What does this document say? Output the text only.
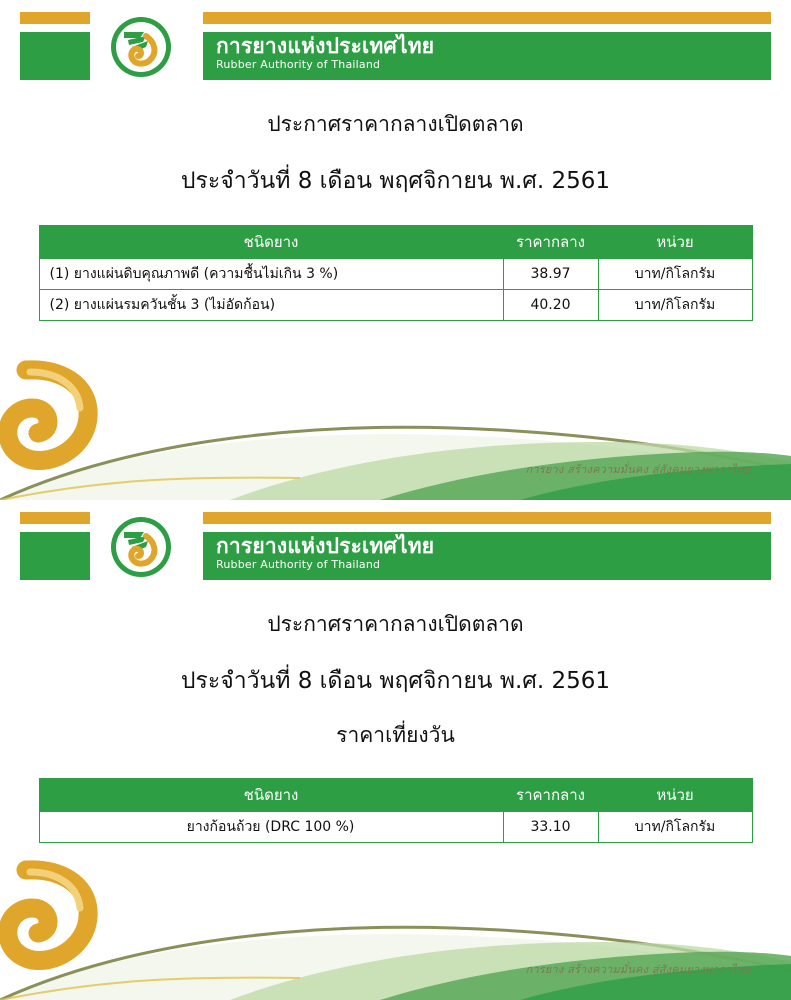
การยางแห่งประเทศไทย
Rubber Authority of Thailand
ประกาศราคากลางเปิดตลาด
ประจำวันที่ 8 เดือน พฤศจิกายน พ.ศ. 2561
ชนิดยาง	ราคากลาง	หน่วย
(1) ยางแผ่นดิบคุณภาพดี (ความชื้นไม่เกิน 3 %)	38.97	บาท/กิโลกรัม
(2) ยางแผ่นรมควันชั้น 3 (ไม่อัดก้อน)	40.20	บาท/กิโลกรัม
การยาง สร้างความมั่นคง สู่สังคมยางพาราไทย
การยางแห่งประเทศไทย
Rubber Authority of Thailand
ประกาศราคากลางเปิดตลาด
ประจำวันที่ 8 เดือน พฤศจิกายน พ.ศ. 2561
ราคาเที่ยงวัน
ชนิดยาง	ราคากลาง	หน่วย
ยางก้อนถ้วย (DRC 100 %)	33.10	บาท/กิโลกรัม
การยาง สร้างความมั่นคง สู่สังคมยางพาราไทย
